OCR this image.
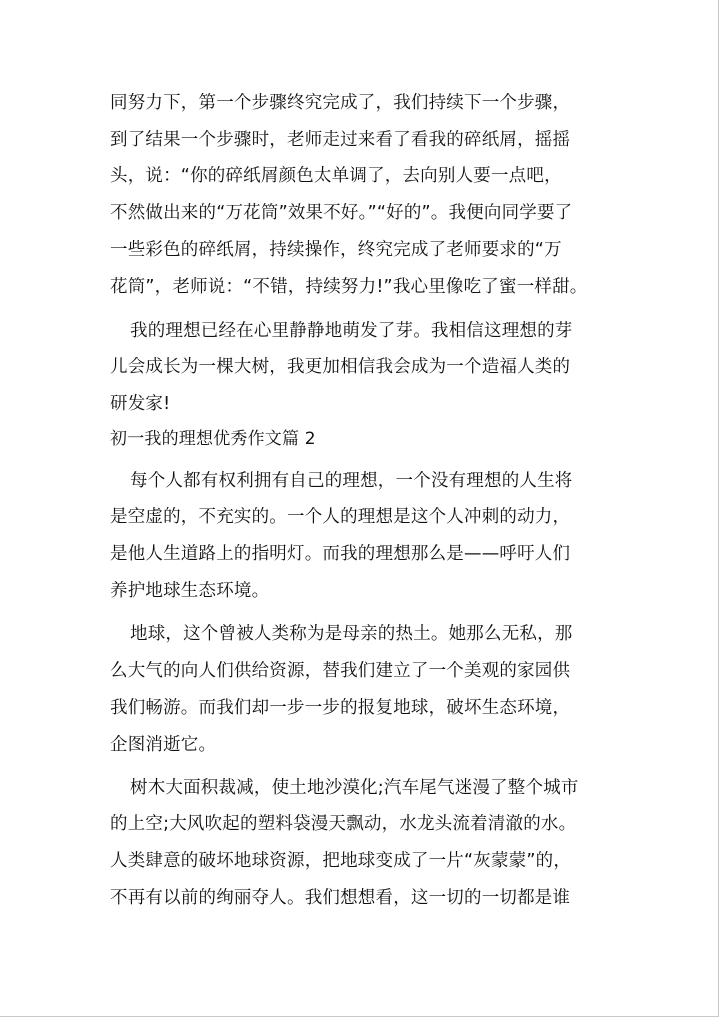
同努力下，第一个步骤终究完成了，我们持续下一个步骤，
到了结果一个步骤时，老师走过来看了看我的碎纸屑，摇摇
头，说：“你的碎纸屑颜色太单调了，去向别人要一点吧，
不然做出来的“万花筒”效果不好。”“好的”。我便向同学要了
一些彩色的碎纸屑，持续操作，终究完成了老师要求的“万
花筒”，老师说：“不错，持续努力!”我心里像吃了蜜一样甜。
我的理想已经在心里静静地萌发了芽。我相信这理想的芽
儿会成长为一棵大树，我更加相信我会成为一个造福人类的
研发家!
初一我的理想优秀作文篇 2
每个人都有权利拥有自己的理想，一个没有理想的人生将
是空虚的，不充实的。一个人的理想是这个人冲刺的动力，
是他人生道路上的指明灯。而我的理想那么是——呼吁人们
养护地球生态环境。
地球，这个曾被人类称为是母亲的热土。她那么无私，那
么大气的向人们供给资源，替我们建立了一个美观的家园供
我们畅游。而我们却一步一步的报复地球，破坏生态环境，
企图消逝它。
树木大面积裁减，使土地沙漠化;汽车尾气迷漫了整个城市
的上空;大风吹起的塑料袋漫天飘动，水龙头流着清澈的水。
人类肆意的破坏地球资源，把地球变成了一片“灰蒙蒙”的，
不再有以前的绚丽夺人。我们想想看，这一切的一切都是谁
